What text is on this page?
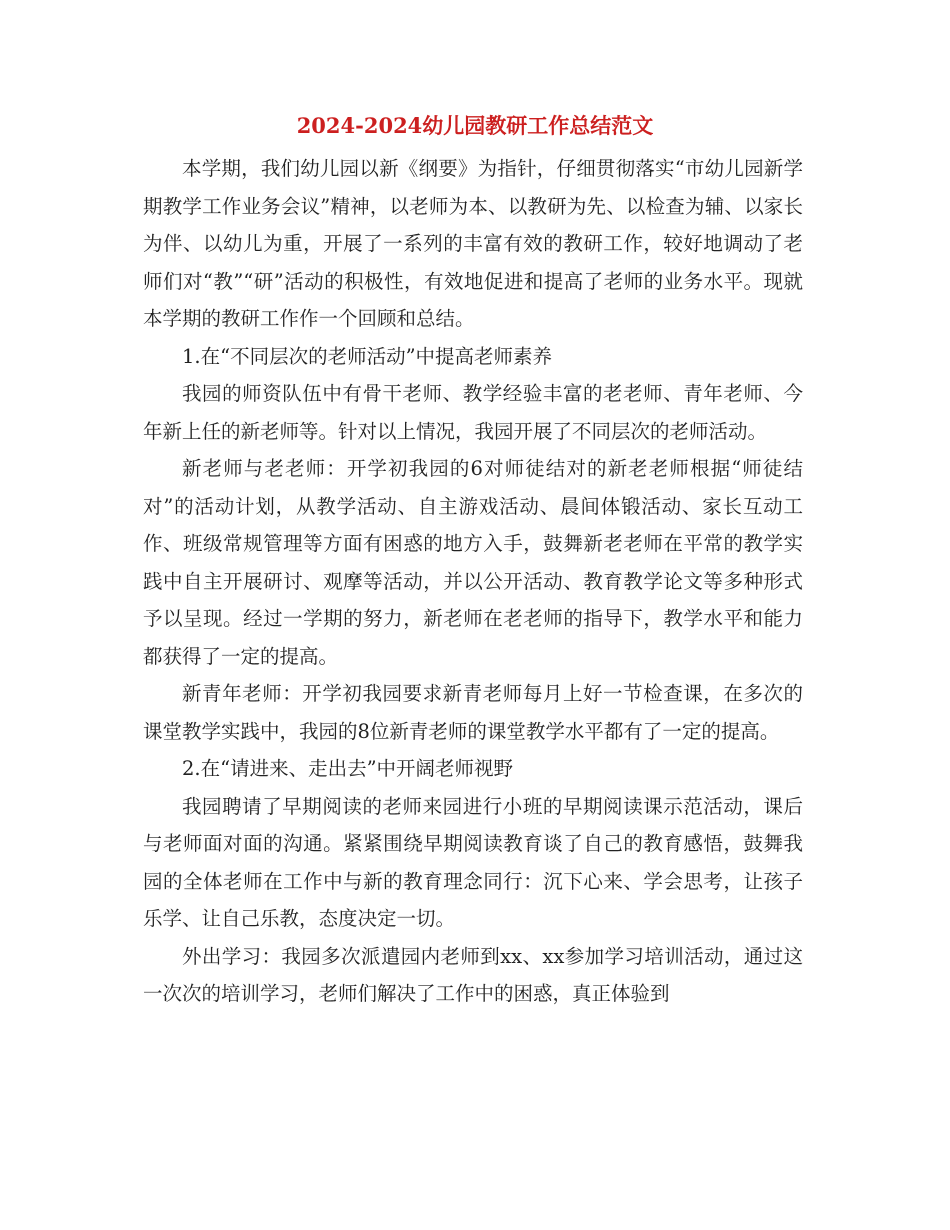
2024-2024幼儿园教研工作总结范文

本学期，我们幼儿园以新《纲要》为指针，仔细贯彻落实“市幼儿园新学期教学工作业务会议”精神，以老师为本、以教研为先、以检查为辅、以家长为伴、以幼儿为重，开展了一系列的丰富有效的教研工作，较好地调动了老师们对“教”“研”活动的积极性，有效地促进和提高了老师的业务水平。现就本学期的教研工作作一个回顾和总结。

1.在“不同层次的老师活动”中提高老师素养

我园的师资队伍中有骨干老师、教学经验丰富的老老师、青年老师、今年新上任的新老师等。针对以上情况，我园开展了不同层次的老师活动。

新老师与老老师：开学初我园的6对师徒结对的新老老师根据“师徒结对”的活动计划，从教学活动、自主游戏活动、晨间体锻活动、家长互动工作、班级常规管理等方面有困惑的地方入手，鼓舞新老老师在平常的教学实践中自主开展研讨、观摩等活动，并以公开活动、教育教学论文等多种形式予以呈现。经过一学期的努力，新老师在老老师的指导下，教学水平和能力都获得了一定的提高。

新青年老师：开学初我园要求新青老师每月上好一节检查课，在多次的课堂教学实践中，我园的8位新青老师的课堂教学水平都有了一定的提高。

2.在“请进来、走出去”中开阔老师视野

我园聘请了早期阅读的老师来园进行小班的早期阅读课示范活动，课后与老师面对面的沟通。紧紧围绕早期阅读教育谈了自己的教育感悟，鼓舞我园的全体老师在工作中与新的教育理念同行：沉下心来、学会思考，让孩子乐学、让自己乐教，态度决定一切。

外出学习：我园多次派遣园内老师到xx、xx参加学习培训活动，通过这一次次的培训学习，老师们解决了工作中的困惑，真正体验到
